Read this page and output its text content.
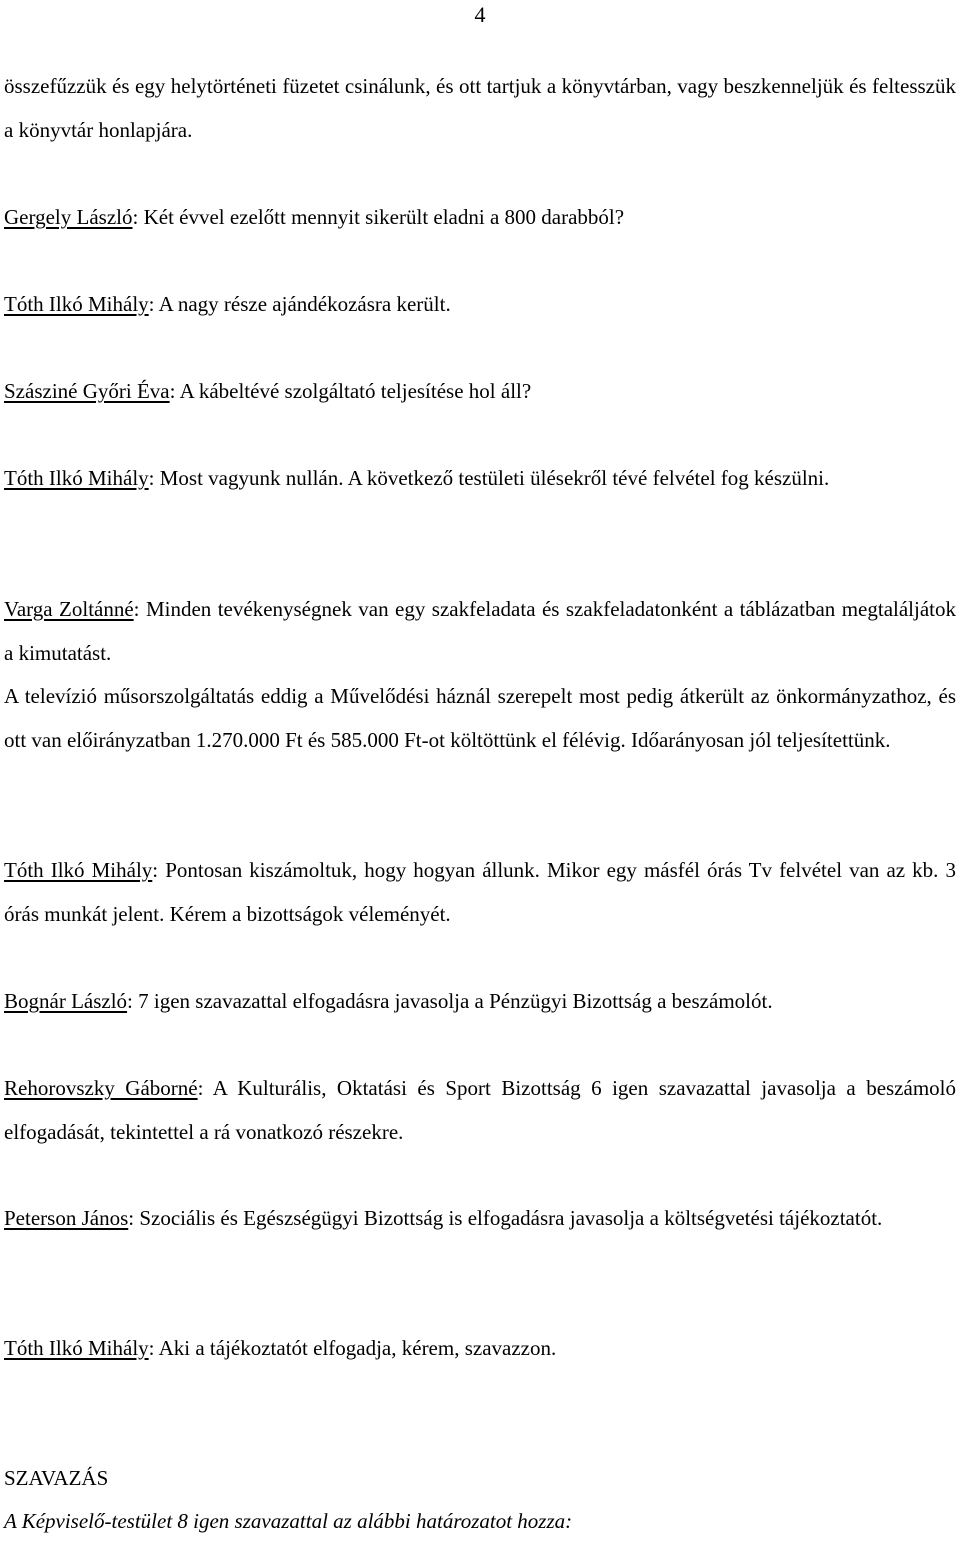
4

összefűzzük és egy helytörténeti füzetet csinálunk, és ott tartjuk a könyvtárban, vagy beszkenneljük és feltesszük a könyvtár honlapjára.

Gergely László: Két évvel ezelőtt mennyit sikerült eladni a 800 darabból?

Tóth Ilkó Mihály: A nagy része ajándékozásra került.

Szásziné Győri Éva: A kábeltévé szolgáltató teljesítése hol áll?

Tóth Ilkó Mihály: Most vagyunk nullán. A következő testületi ülésekről tévé felvétel fog készülni.

Varga Zoltánné: Minden tevékenységnek van egy szakfeladata és szakfeladatonként a táblázatban megtaláljátok a kimutatást.

A televízió műsorszolgáltatás eddig a Művelődési háznál szerepelt most pedig átkerült az önkormányzathoz, és ott van előirányzatban 1.270.000 Ft és 585.000 Ft-ot költöttünk el félévig. Időarányosan jól teljesítettünk.

Tóth Ilkó Mihály: Pontosan kiszámoltuk, hogy hogyan állunk. Mikor egy másfél órás Tv felvétel van az kb. 3 órás munkát jelent. Kérem a bizottságok véleményét.

Bognár László: 7 igen szavazattal elfogadásra javasolja a Pénzügyi Bizottság a beszámolót.

Rehorovszky Gáborné: A Kulturális, Oktatási és Sport Bizottság 6 igen szavazattal javasolja a beszámoló elfogadását, tekintettel a rá vonatkozó részekre.

Peterson János: Szociális és Egészségügyi Bizottság is elfogadásra javasolja a költségvetési tájékoztatót.

Tóth Ilkó Mihály: Aki a tájékoztatót elfogadja, kérem, szavazzon.

SZAVAZÁS

A Képviselő-testület 8 igen szavazattal az alábbi határozatot hozza:
